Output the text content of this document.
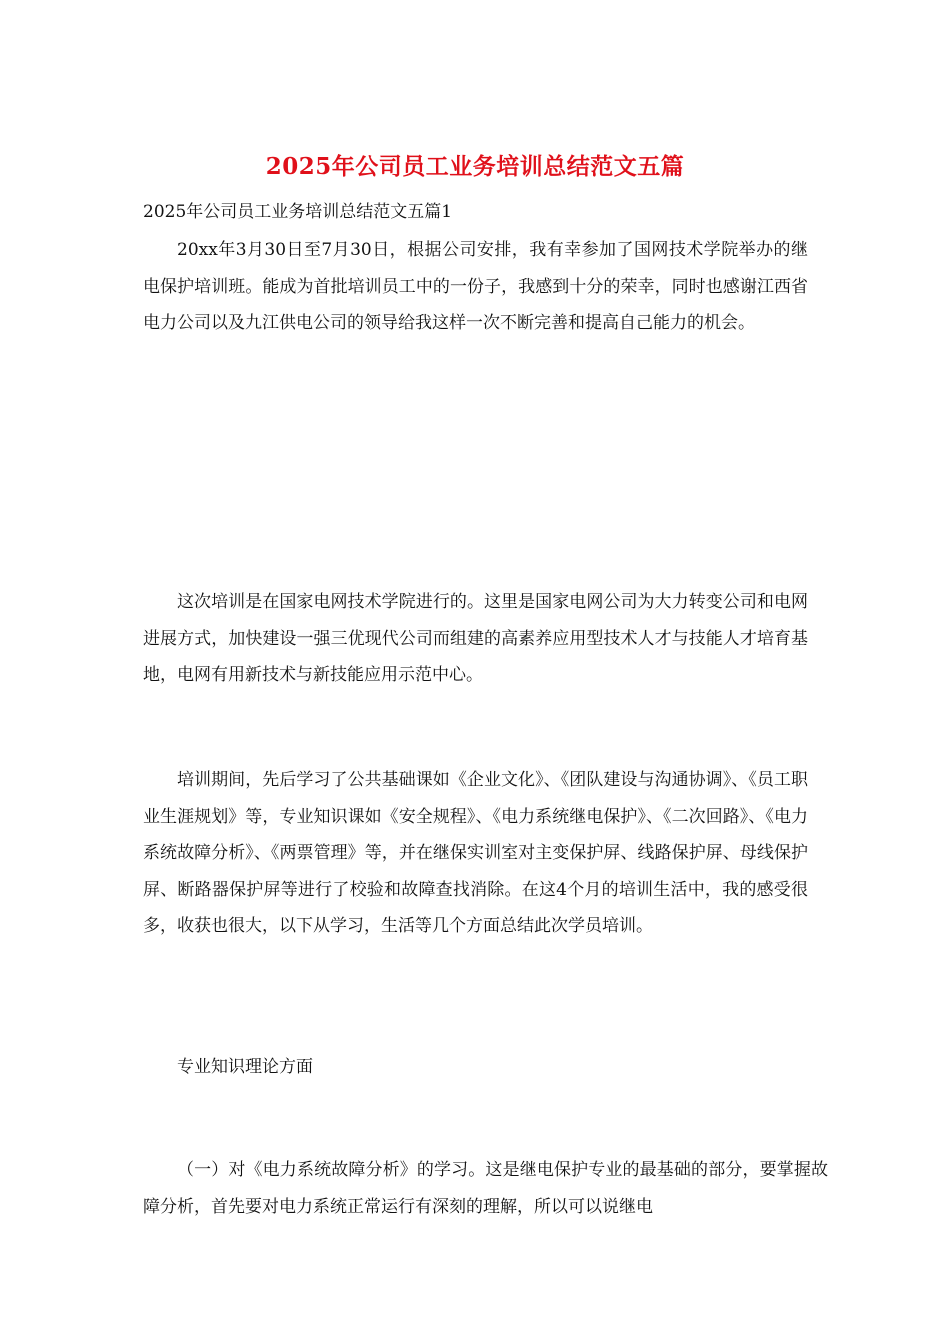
2025年公司员工业务培训总结范文五篇
2025年公司员工业务培训总结范文五篇1

20xx年3月30日至7月30日，根据公司安排，我有幸参加了国网技术学院举办的继电保护培训班。能成为首批培训员工中的一份子，我感到十分的荣幸，同时也感谢江西省电力公司以及九江供电公司的领导给我这样一次不断完善和提高自己能力的机会。

这次培训是在国家电网技术学院进行的。这里是国家电网公司为大力转变公司和电网进展方式，加快建设一强三优现代公司而组建的高素养应用型技术人才与技能人才培育基地，电网有用新技术与新技能应用示范中心。

培训期间，先后学习了公共基础课如《企业文化》、《团队建设与沟通协调》、《员工职业生涯规划》等，专业知识课如《安全规程》、《电力系统继电保护》、《二次回路》、《电力系统故障分析》、《两票管理》等，并在继保实训室对主变保护屏、线路保护屏、母线保护屏、断路器保护屏等进行了校验和故障查找消除。在这4个月的培训生活中，我的感受很多，收获也很大，以下从学习，生活等几个方面总结此次学员培训。

专业知识理论方面

（一）对《电力系统故障分析》的学习。这是继电保护专业的最基础的部分，要掌握故障分析，首先要对电力系统正常运行有深刻的理解，所以可以说继电
